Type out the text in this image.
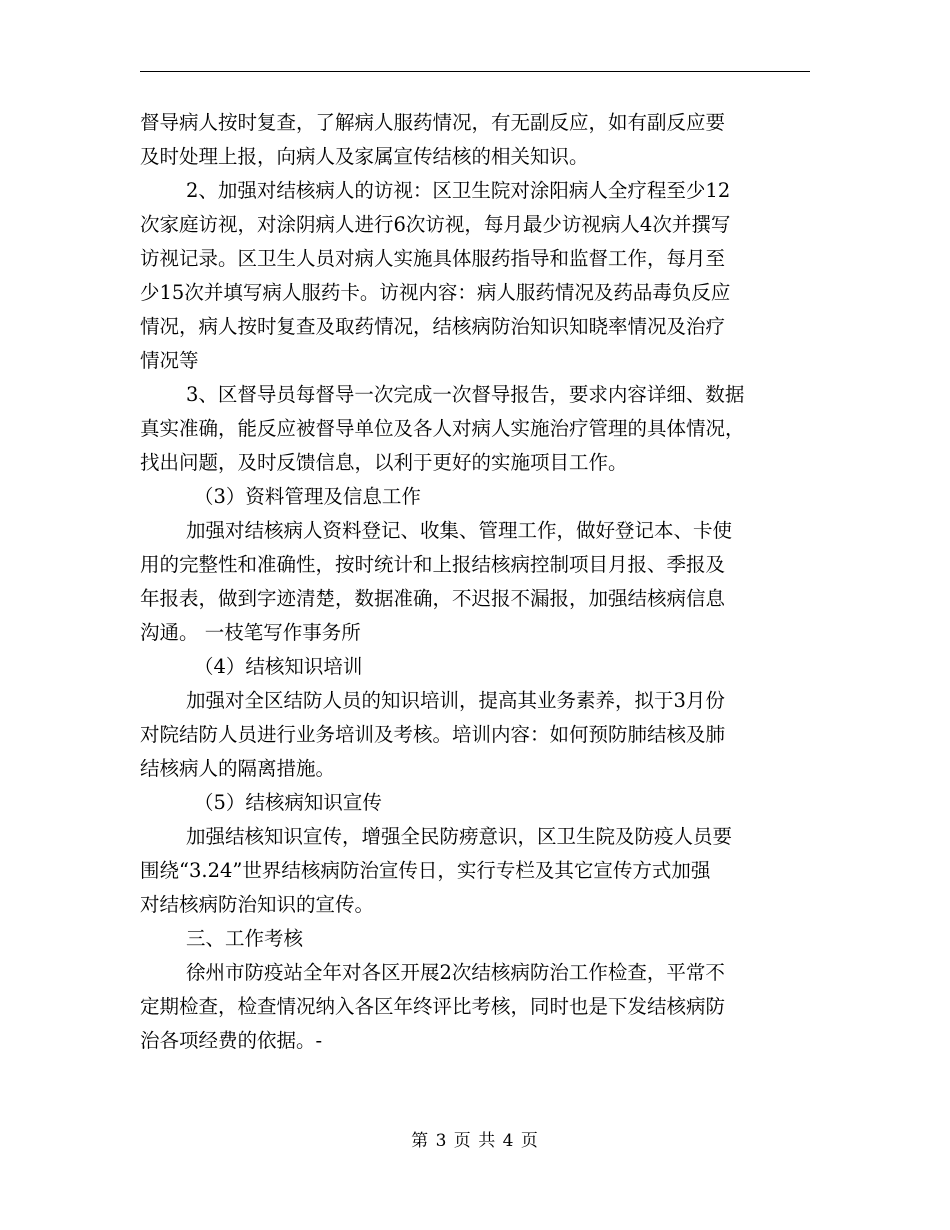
督导病人按时复查，了解病人服药情况，有无副反应，如有副反应要
及时处理上报，向病人及家属宣传结核的相关知识。

2、加强对结核病人的访视：区卫生院对涂阳病人全疗程至少12
次家庭访视，对涂阴病人进行6次访视，每月最少访视病人4次并撰写
访视记录。区卫生人员对病人实施具体服药指导和监督工作，每月至
少15次并填写病人服药卡。访视内容：病人服药情况及药品毒负反应
情况，病人按时复查及取药情况，结核病防治知识知晓率情况及治疗
情况等

3、区督导员每督导一次完成一次督导报告，要求内容详细、数据
真实准确，能反应被督导单位及各人对病人实施治疗管理的具体情况，
找出问题，及时反馈信息，以利于更好的实施项目工作。

（3）资料管理及信息工作

加强对结核病人资料登记、收集、管理工作，做好登记本、卡使
用的完整性和准确性，按时统计和上报结核病控制项目月报、季报及
年报表，做到字迹清楚，数据准确，不迟报不漏报，加强结核病信息
沟通。 一枝笔写作事务所

（4）结核知识培训

加强对全区结防人员的知识培训，提高其业务素养，拟于3月份
对院结防人员进行业务培训及考核。培训内容：如何预防肺结核及肺
结核病人的隔离措施。

（5）结核病知识宣传

加强结核知识宣传，增强全民防痨意识，区卫生院及防疫人员要
围绕“3.24”世界结核病防治宣传日，实行专栏及其它宣传方式加强
对结核病防治知识的宣传。

三、工作考核

徐州市防疫站全年对各区开展2次结核病防治工作检查，平常不
定期检查，检查情况纳入各区年终评比考核，同时也是下发结核病防
治各项经费的依据。-

第 3 页 共 4 页
